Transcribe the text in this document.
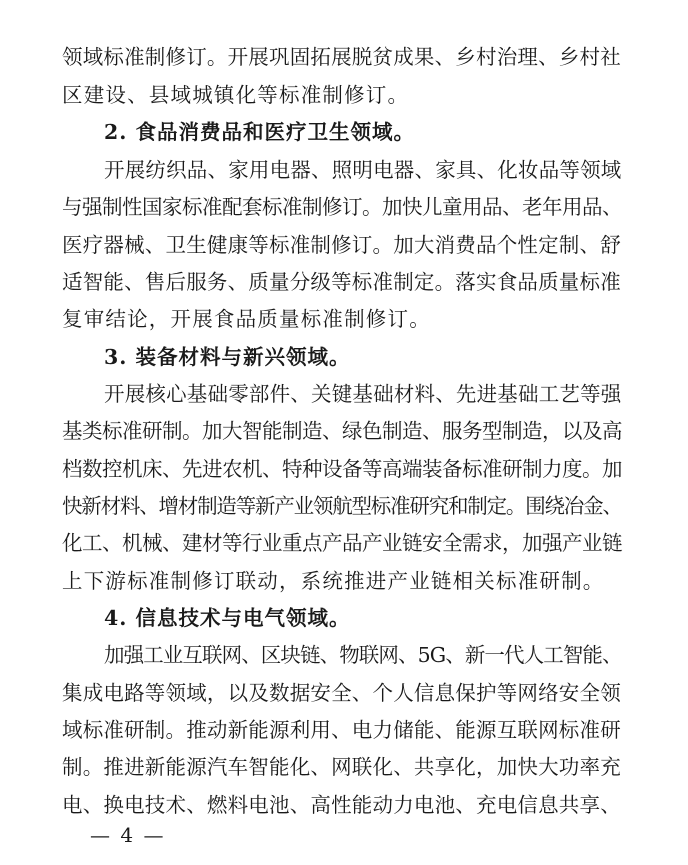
领域标准制修订。开展巩固拓展脱贫成果、乡村治理、乡村社
区建设、县域城镇化等标准制修订。
2. 食品消费品和医疗卫生领域。
开展纺织品、家用电器、照明电器、家具、化妆品等领域
与强制性国家标准配套标准制修订。加快儿童用品、老年用品、
医疗器械、卫生健康等标准制修订。加大消费品个性定制、舒
适智能、售后服务、质量分级等标准制定。落实食品质量标准
复审结论，开展食品质量标准制修订。
3. 装备材料与新兴领域。
开展核心基础零部件、关键基础材料、先进基础工艺等强
基类标准研制。加大智能制造、绿色制造、服务型制造，以及高
档数控机床、先进农机、特种设备等高端装备标准研制力度。加
快新材料、增材制造等新产业领航型标准研究和制定。围绕冶金、
化工、机械、建材等行业重点产品产业链安全需求，加强产业链
上下游标准制修订联动，系统推进产业链相关标准研制。
4. 信息技术与电气领域。
加强工业互联网、区块链、物联网、5G、新一代人工智能、
集成电路等领域，以及数据安全、个人信息保护等网络安全领
域标准研制。推动新能源利用、电力储能、能源互联网标准研
制。推进新能源汽车智能化、网联化、共享化，加快大功率充
电、换电技术、燃料电池、高性能动力电池、充电信息共享、
— 4 —
